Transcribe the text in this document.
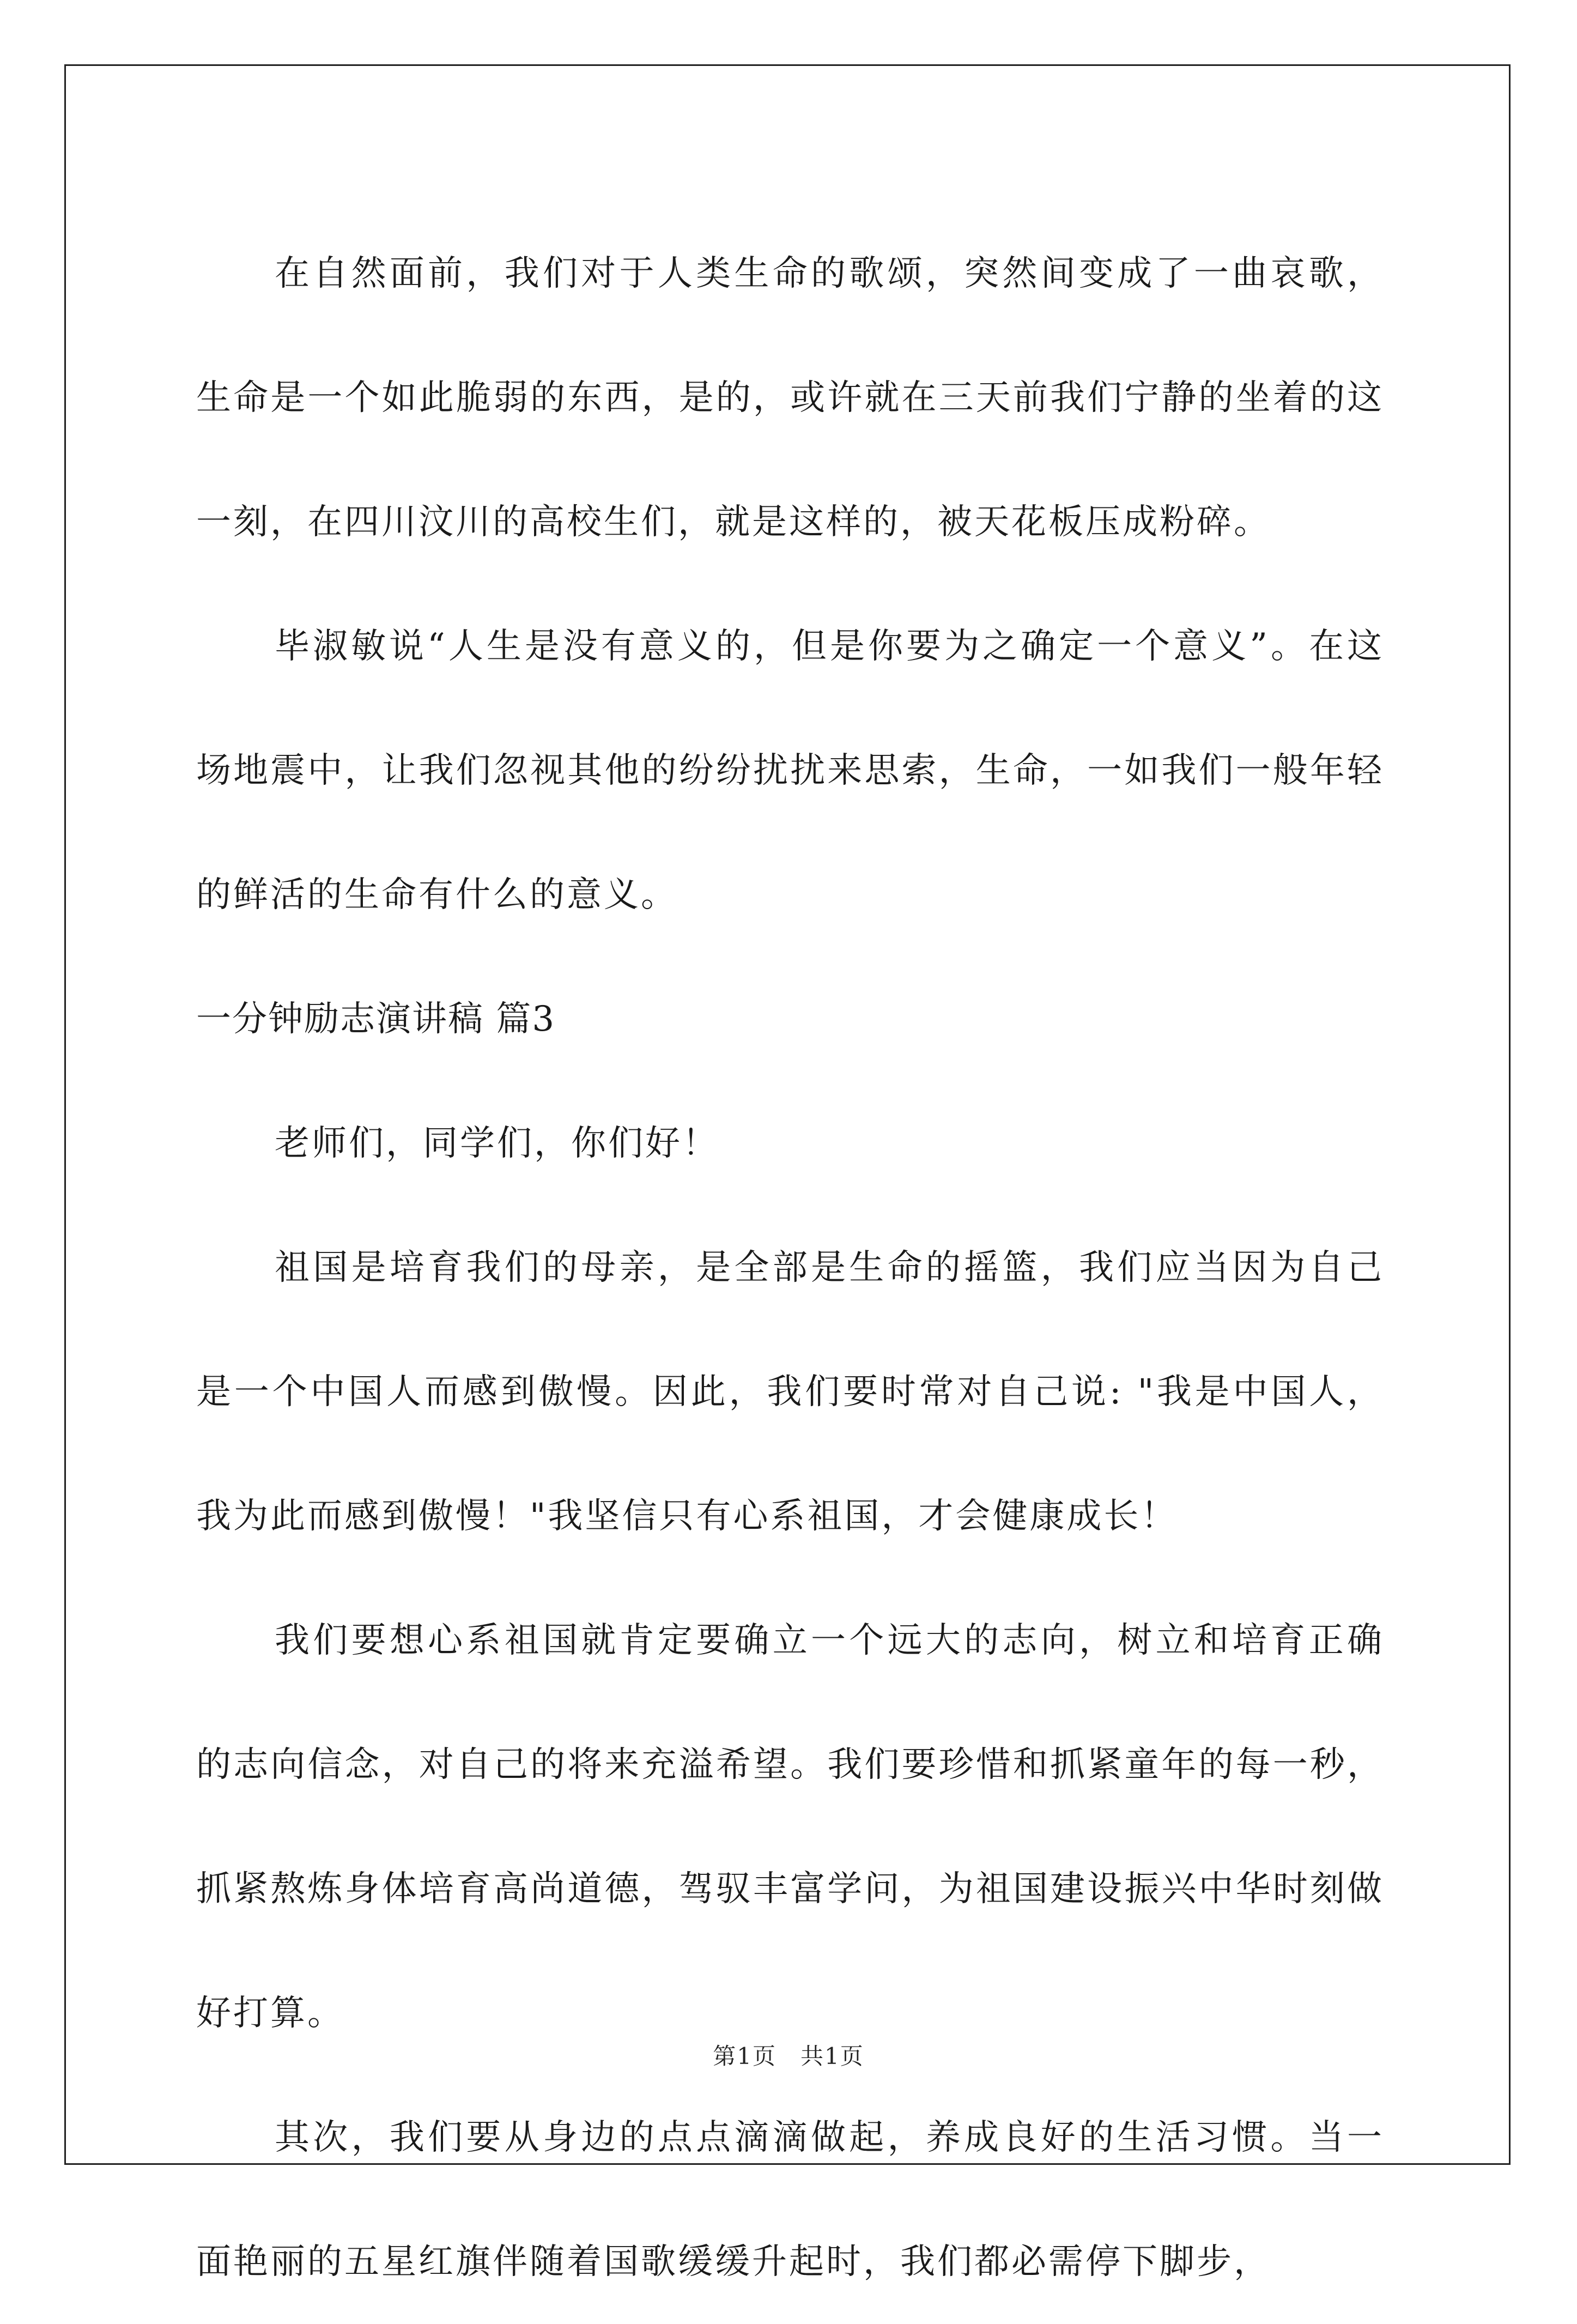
在自然面前，我们对于人类生命的歌颂，突然间变成了一曲哀歌，生命是一个如此脆弱的东西，是的，或许就在三天前我们宁静的坐着的这一刻，在四川汶川的高校生们，就是这样的，被天花板压成粉碎。

毕淑敏说“人生是没有意义的，但是你要为之确定一个意义”。在这场地震中，让我们忽视其他的纷纷扰扰来思索，生命，一如我们一般年轻的鲜活的生命有什么的意义。

一分钟励志演讲稿 篇3

老师们，同学们，你们好！

祖国是培育我们的母亲，是全部是生命的摇篮，我们应当因为自己是一个中国人而感到傲慢。因此，我们要时常对自己说: "我是中国人，我为此而感到傲慢！"我坚信只有心系祖国，才会健康成长！

我们要想心系祖国就肯定要确立一个远大的志向，树立和培育正确的志向信念，对自己的将来充溢希望。我们要珍惜和抓紧童年的每一秒，抓紧熬炼身体培育高尚道德，驾驭丰富学问，为祖国建设振兴中华时刻做好打算。

其次，我们要从身边的点点滴滴做起，养成良好的生活习惯。当一面艳丽的五星红旗伴随着国歌缓缓升起时，我们都必需停下脚步，

第1页　共1页
